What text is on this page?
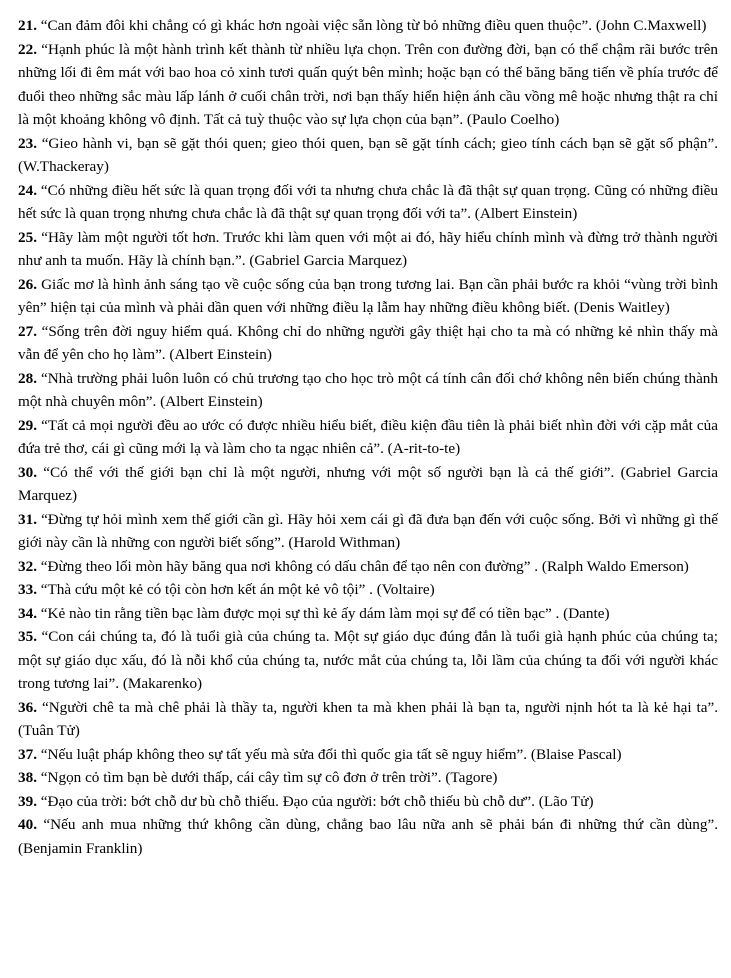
21. “Can đảm đôi khi chẳng có gì khác hơn ngoài việc sẵn lòng từ bỏ những điều quen thuộc”. (John C.Maxwell)

22. “Hạnh phúc là một hành trình kết thành từ nhiều lựa chọn. Trên con đường đời, bạn có thể chậm rãi bước trên những lối đi êm mát với bao hoa cỏ xinh tươi quấn quýt bên mình; hoặc bạn có thể băng băng tiến về phía trước để đuổi theo những sắc màu lấp lánh ở cuối chân trời, nơi bạn thấy hiển hiện ánh cầu vồng mê hoặc nhưng thật ra chỉ là một khoảng không vô định. Tất cả tuỳ thuộc vào sự lựa chọn của bạn”. (Paulo Coelho)

23. “Gieo hành vi, bạn sẽ gặt thói quen; gieo thói quen, bạn sẽ gặt tính cách; gieo tính cách bạn sẽ gặt số phận”. (W.Thackeray)

24. “Có những điều hết sức là quan trọng đối với ta nhưng chưa chắc là đã thật sự quan trọng. Cũng có những điều hết sức là quan trọng nhưng chưa chắc là đã thật sự quan trọng đối với ta”. (Albert Einstein)

25. “Hãy làm một người tốt hơn. Trước khi làm quen với một ai đó, hãy hiểu chính mình và đừng trở thành người như anh ta muốn. Hãy là chính bạn.”. (Gabriel Garcia Marquez)

26. Giấc mơ là hình ảnh sáng tạo về cuộc sống của bạn trong tương lai. Bạn cần phải bước ra khỏi “vùng trời bình yên” hiện tại của mình và phải dần quen với những điều lạ lẫm hay những điều không biết. (Denis Waitley)

27. “Sống trên đời nguy hiểm quá. Không chỉ do những người gây thiệt hại cho ta mà có những kẻ nhìn thấy mà vẫn để yên cho họ làm”. (Albert Einstein)

28. “Nhà trường phải luôn luôn có chủ trương tạo cho học trò một cá tính cân đối chớ không nên biến chúng thành một nhà chuyên môn”. (Albert Einstein)

29. “Tất cả mọi người đều ao ước có được nhiều hiểu biết, điều kiện đầu tiên là phải biết nhìn đời với cặp mắt của đứa trẻ thơ, cái gì cũng mới lạ và làm cho ta ngạc nhiên cả”. (A-rit-to-te)

30. “Có thể với thế giới bạn chỉ là một người, nhưng với một số người bạn là cả thế giới”. (Gabriel Garcia Marquez)

31. “Đừng tự hỏi mình xem thế giới cần gì. Hãy hỏi xem cái gì đã đưa bạn đến với cuộc sống. Bởi vì những gì thế giới này cần là những con người biết sống”. (Harold Withman)

32. “Đừng theo lối mòn hãy băng qua nơi không có dấu chân để tạo nên con đường” . (Ralph Waldo Emerson)

33. “Thà cứu một kẻ có tội còn hơn kết án một kẻ vô tội” . (Voltaire)

34. “Kẻ nào tin rằng tiền bạc làm được mọi sự thì kẻ ấy dám làm mọi sự để có tiền bạc” . (Dante)

35. “Con cái chúng ta, đó là tuổi già của chúng ta. Một sự giáo dục đúng đắn là tuổi già hạnh phúc của chúng ta; một sự giáo dục xấu, đó là nỗi khổ của chúng ta, nước mắt của chúng ta, lỗi lầm của chúng ta đối với người khác trong tương lai”. (Makarenko)

36. “Người chê ta mà chê phải là thầy ta, người khen ta mà khen phải là bạn ta, người nịnh hót ta là kẻ hại ta”. (Tuân Tử)

37. “Nếu luật pháp không theo sự tất yếu mà sửa đổi thì quốc gia tất sẽ nguy hiểm”. (Blaise Pascal)

38. “Ngọn cỏ tìm bạn bè dưới thấp, cái cây tìm sự cô đơn ở trên trời”. (Tagore)

39. “Đạo của trời: bớt chỗ dư bù chỗ thiếu. Đạo của người: bớt chỗ thiếu bù chỗ dư”. (Lão Tử)

40. “Nếu anh mua những thứ không cần dùng, chẳng bao lâu nữa anh sẽ phải bán đi những thứ cần dùng”. (Benjamin Franklin)
